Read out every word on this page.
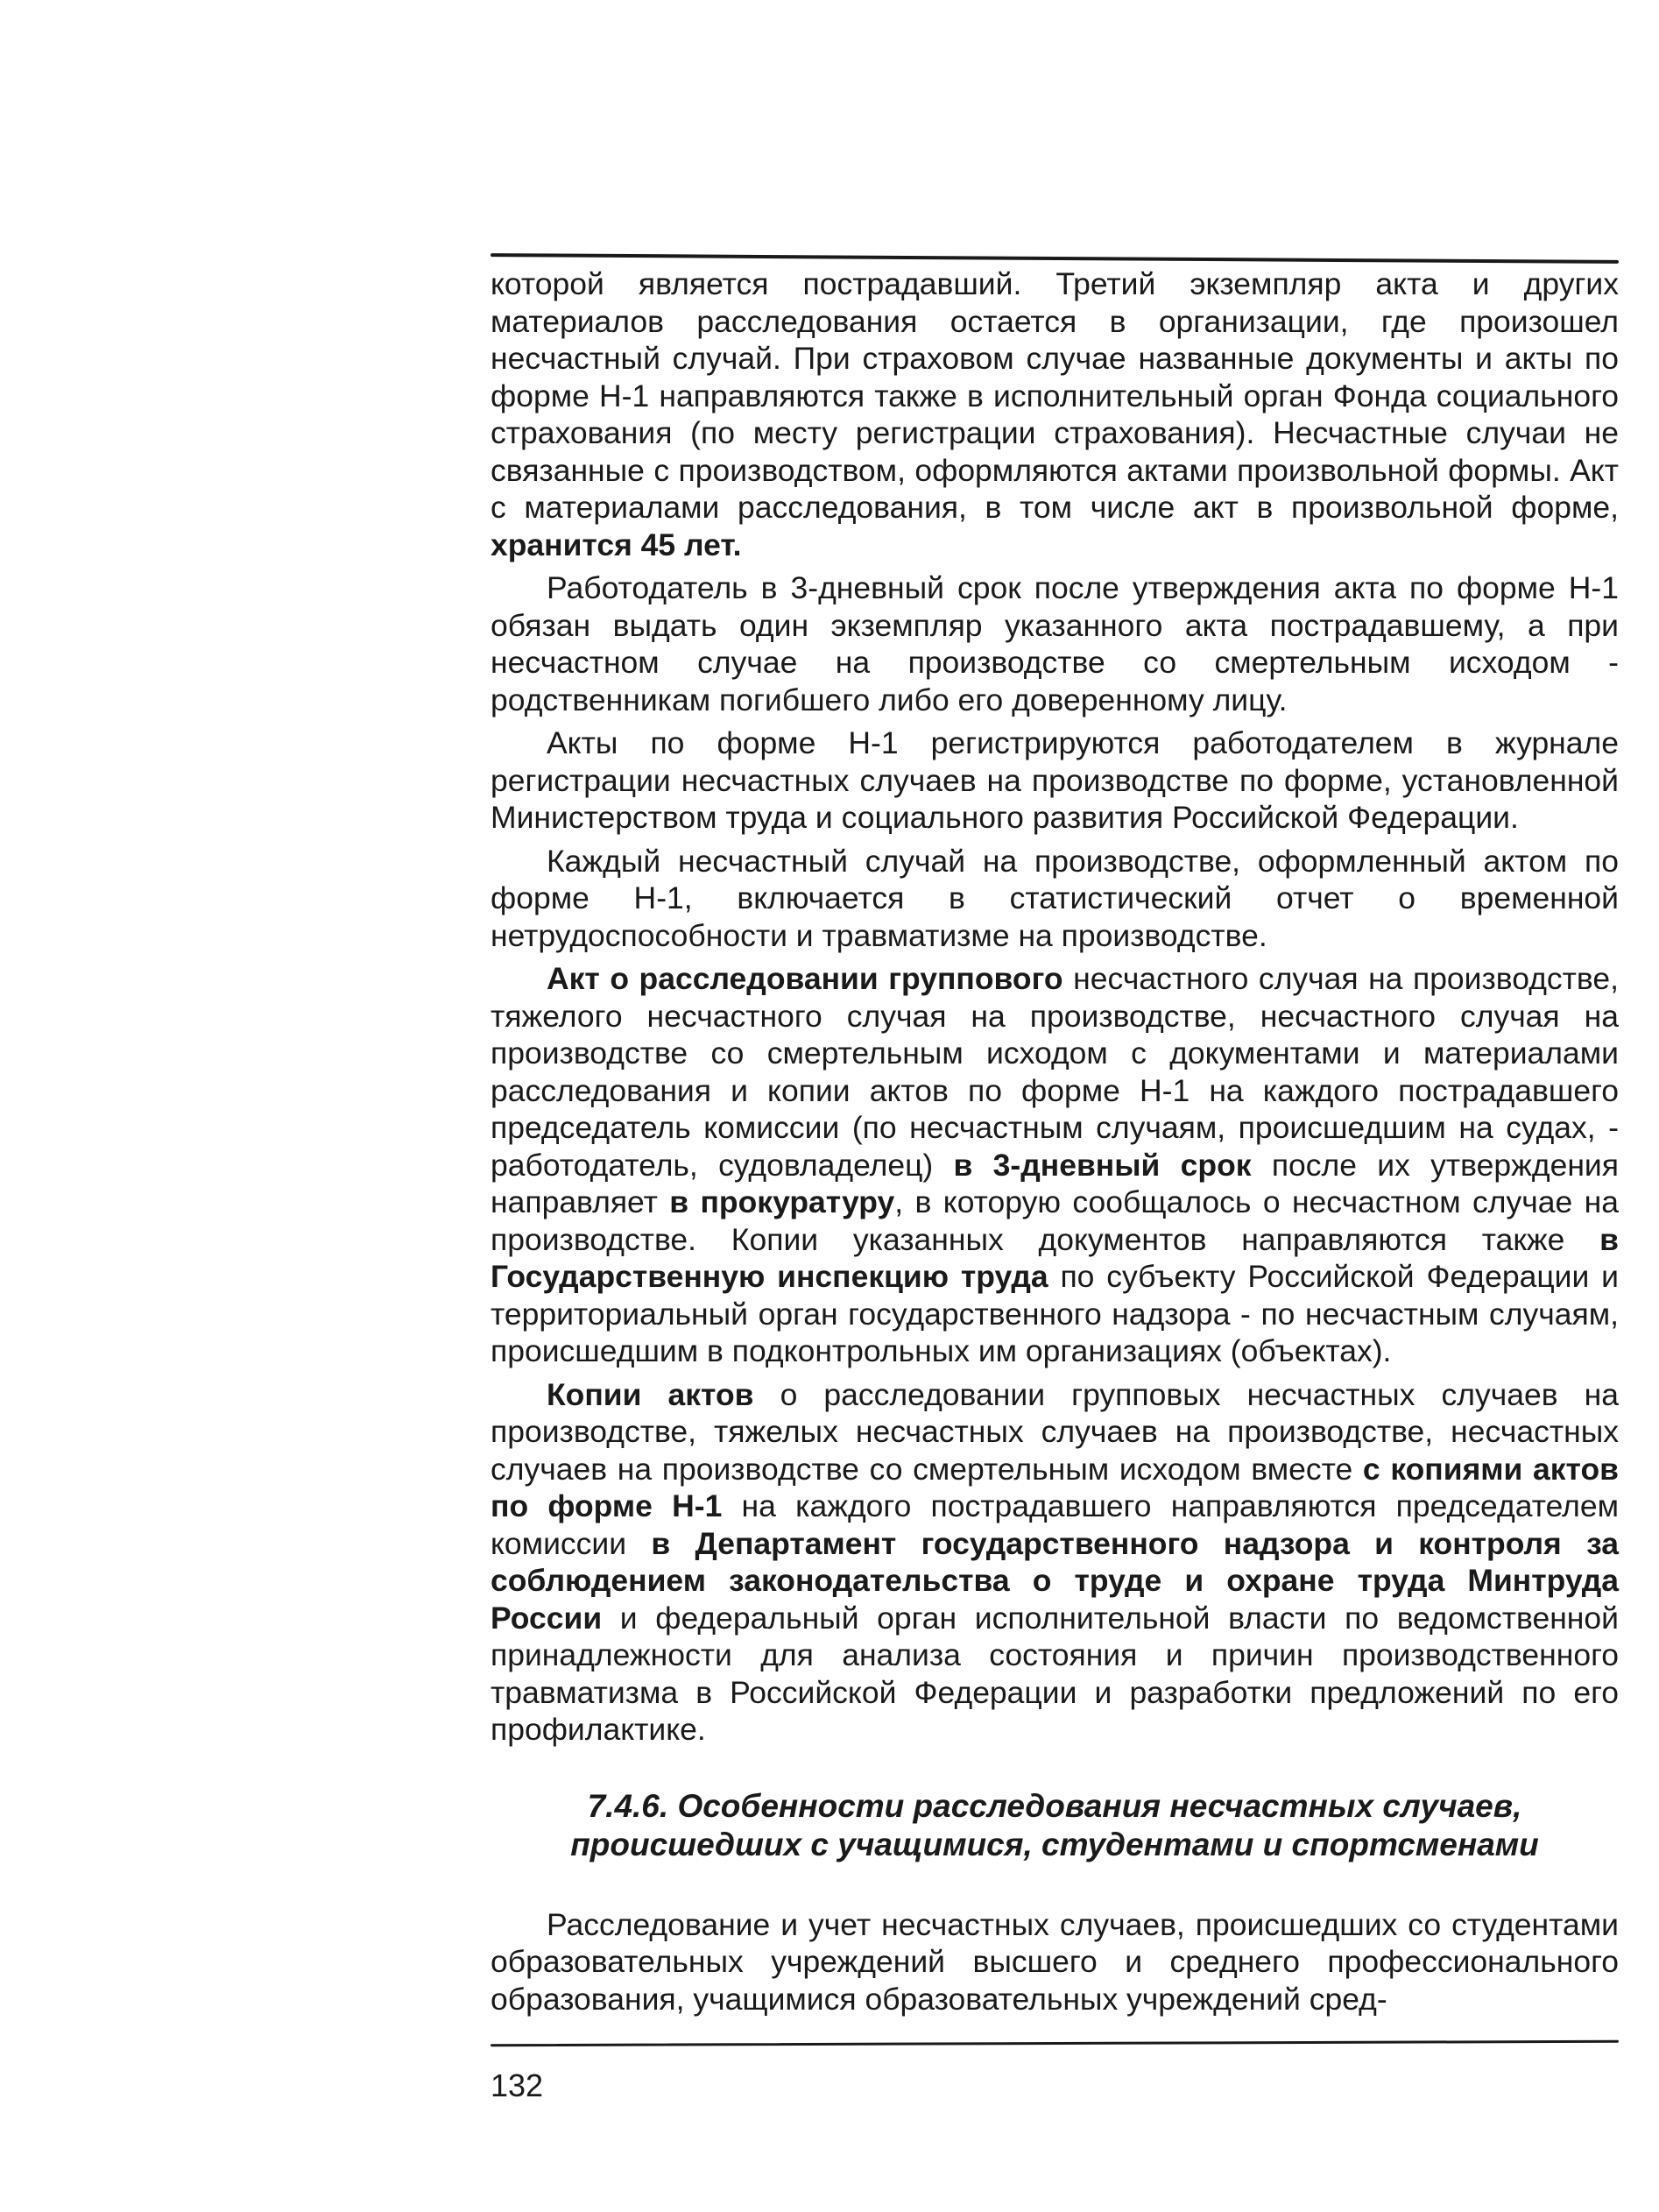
которой является пострадавший. Третий экземпляр акта и других материалов расследования остается в организации, где произошел несчастный случай. При страховом случае названные документы и акты по форме Н-1 направляются также в исполнительный орган Фонда социального страхования (по месту регистрации страхования). Несчастные случаи не связанные с производством, оформляются актами произвольной формы. Акт с материалами расследования, в том числе акт в произвольной форме, хранится 45 лет.

Работодатель в 3-дневный срок после утверждения акта по форме Н-1 обязан выдать один экземпляр указанного акта пострадавшему, а при несчастном случае на производстве со смертельным исходом - родственникам погибшего либо его доверенному лицу.

Акты по форме Н-1 регистрируются работодателем в журнале регистрации несчастных случаев на производстве по форме, установленной Министерством труда и социального развития Российской Федерации.

Каждый несчастный случай на производстве, оформленный актом по форме Н-1, включается в статистический отчет о временной нетрудоспособности и травматизме на производстве.

Акт о расследовании группового несчастного случая на производстве, тяжелого несчастного случая на производстве, несчастного случая на производстве со смертельным исходом с документами и материалами расследования и копии актов по форме Н-1 на каждого пострадавшего председатель комиссии (по несчастным случаям, происшедшим на судах, - работодатель, судовладелец) в 3-дневный срок после их утверждения направляет в прокуратуру, в которую сообщалось о несчастном случае на производстве. Копии указанных документов направляются также в Государственную инспекцию труда по субъекту Российской Федерации и территориальный орган государственного надзора - по несчастным случаям, происшедшим в подконтрольных им организациях (объектах).

Копии актов о расследовании групповых несчастных случаев на производстве, тяжелых несчастных случаев на производстве, несчастных случаев на производстве со смертельным исходом вместе с копиями актов по форме Н-1 на каждого пострадавшего направляются председателем комиссии в Департамент государственного надзора и контроля за соблюдением законодательства о труде и охране труда Минтруда России и федеральный орган исполнительной власти по ведомственной принадлежности для анализа состояния и причин производственного травматизма в Российской Федерации и разработки предложений по его профилактике.

7.4.6. Особенности расследования несчастных случаев,
происшедших с учащимися, студентами и спортсменами

Расследование и учет несчастных случаев, происшедших со студентами образовательных учреждений высшего и среднего профессионального образования, учащимися образовательных учреждений сред-

132
